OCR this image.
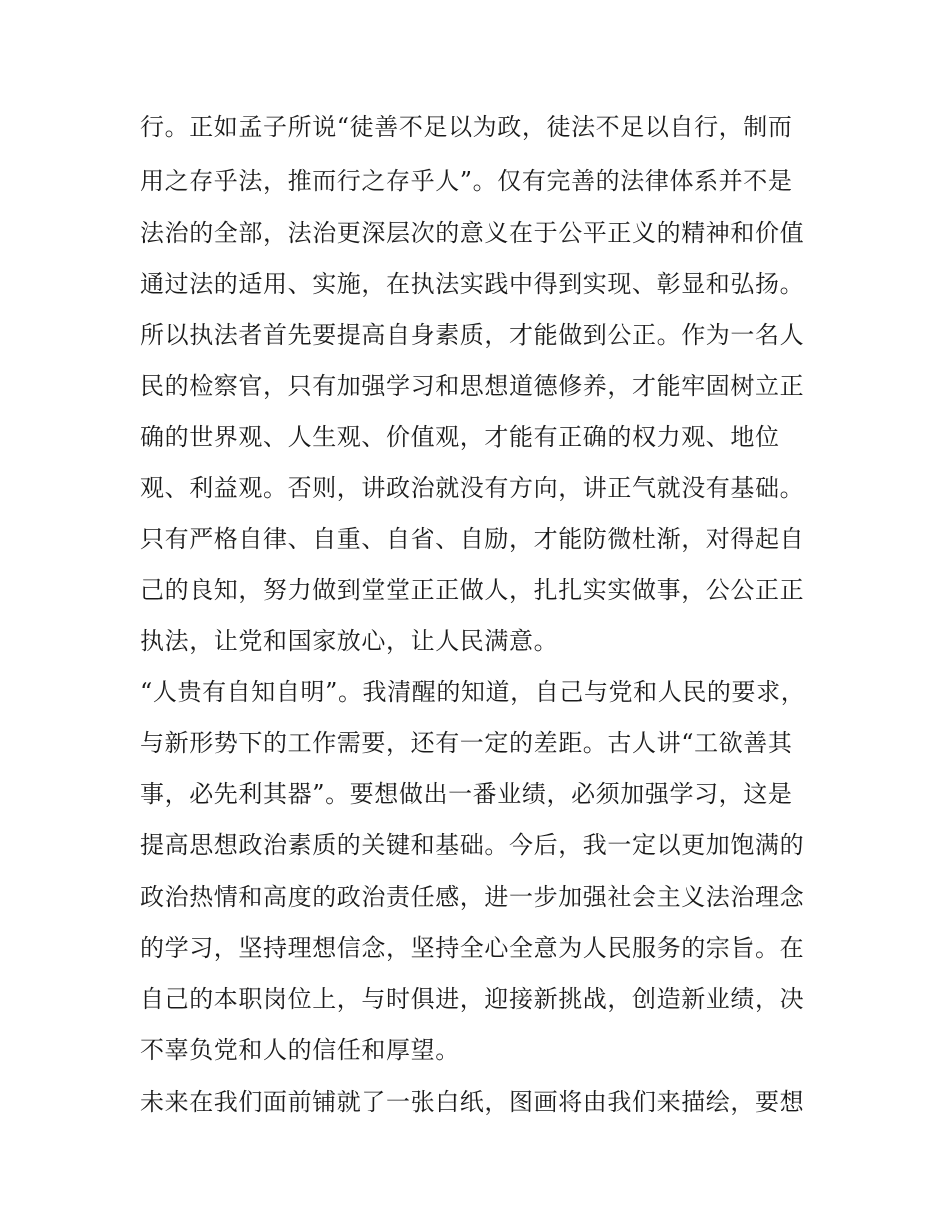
行。正如孟子所说“徒善不足以为政，徒法不足以自行，制而
用之存乎法，推而行之存乎人”。仅有完善的法律体系并不是
法治的全部，法治更深层次的意义在于公平正义的精神和价值
通过法的适用、实施，在执法实践中得到实现、彰显和弘扬。
所以执法者首先要提高自身素质，才能做到公正。作为一名人
民的检察官，只有加强学习和思想道德修养，才能牢固树立正
确的世界观、人生观、价值观，才能有正确的权力观、地位
观、利益观。否则，讲政治就没有方向，讲正气就没有基础。
只有严格自律、自重、自省、自励，才能防微杜渐，对得起自
己的良知，努力做到堂堂正正做人，扎扎实实做事，公公正正
执法，让党和国家放心，让人民满意。
“人贵有自知自明”。我清醒的知道，自己与党和人民的要求，
与新形势下的工作需要，还有一定的差距。古人讲“工欲善其
事，必先利其器”。要想做出一番业绩，必须加强学习，这是
提高思想政治素质的关键和基础。今后，我一定以更加饱满的
政治热情和高度的政治责任感，进一步加强社会主义法治理念
的学习，坚持理想信念，坚持全心全意为人民服务的宗旨。在
自己的本职岗位上，与时俱进，迎接新挑战，创造新业绩，决
不辜负党和人的信任和厚望。
未来在我们面前铺就了一张白纸，图画将由我们来描绘，要想
